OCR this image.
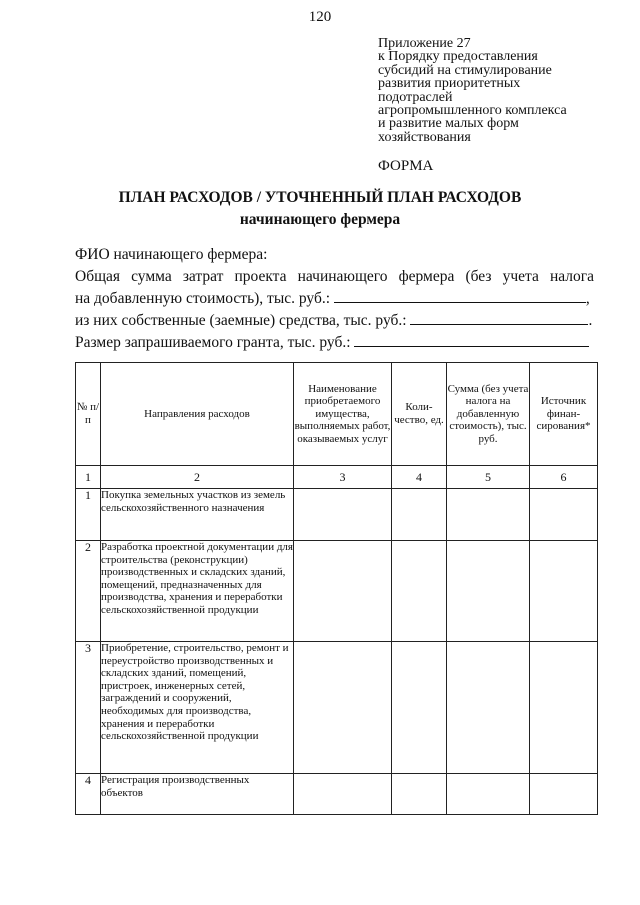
120
Приложение 27
к Порядку предоставления
субсидий на стимулирование
развития приоритетных
подотраслей
агропромышленного комплекса
и развитие малых форм
хозяйствования
ФОРМА
ПЛАН РАСХОДОВ / УТОЧНЕННЫЙ ПЛАН РАСХОДОВ
начинающего фермера
ФИО начинающего фермера:
Общая сумма затрат проекта начинающего фермера (без учета налога
на добавленную стоимость), тыс. руб.:	,
из них собственные (заемные) средства, тыс. руб.:	.
Размер запрашиваемого гранта, тыс. руб.:
№ п/п	Направления расходов	Наименование приобретаемого имущества, выполняемых работ, оказываемых услуг	Коли-чество, ед.	Сумма (без учета налога на добавленную стоимость), тыс. руб.	Источник финан-сирования*
1	2	3	4	5	6
1	Покупка земельных участков из земель сельскохозяйственного назначения				
2	Разработка проектной документации для строительства (реконструкции) производственных и складских зданий, помещений, предназначенных для производства, хранения и переработки сельскохозяйственной продукции				
3	Приобретение, строительство, ремонт и переустройство производственных и складских зданий, помещений, пристроек, инженерных сетей, заграждений и сооружений, необходимых для производства, хранения и переработки сельскохозяйственной продукции				
4	Регистрация производственных объектов				
